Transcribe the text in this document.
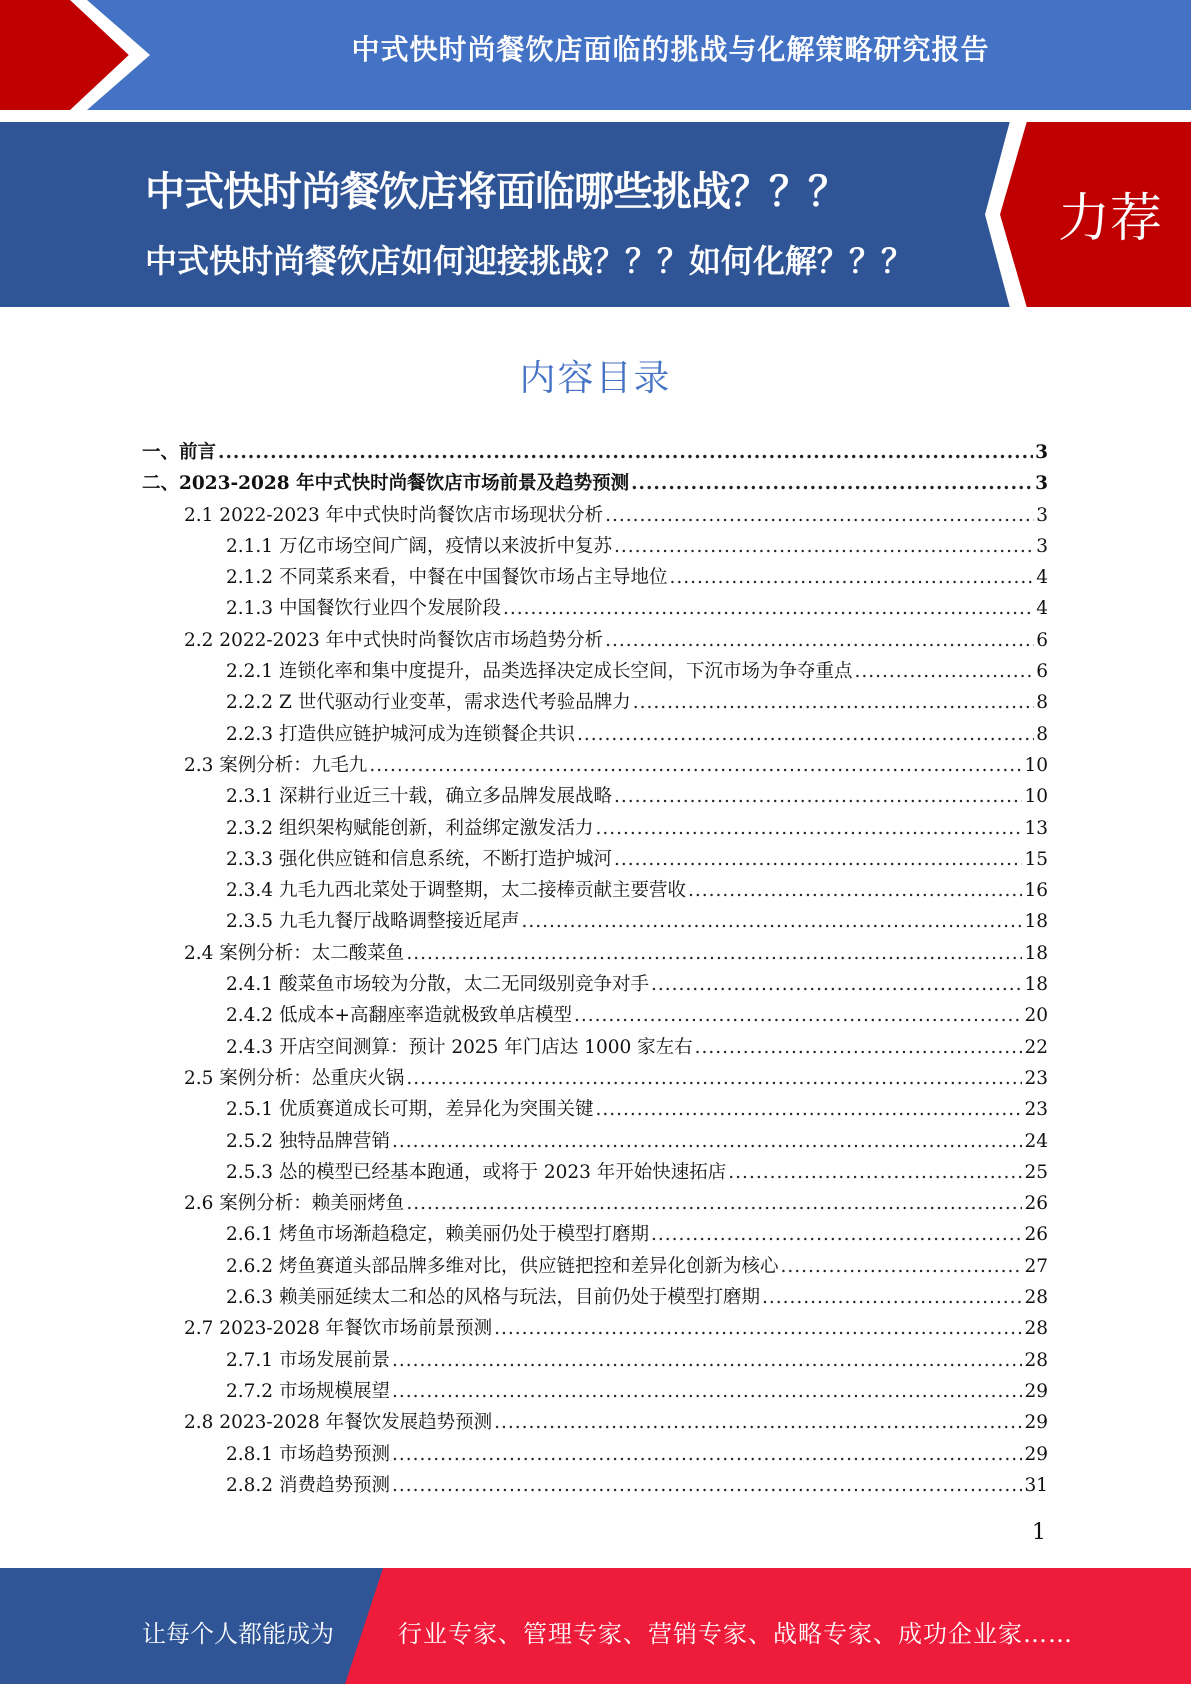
中式快时尚餐饮店面临的挑战与化解策略研究报告
中式快时尚餐饮店将面临哪些挑战？？？
中式快时尚餐饮店如何迎接挑战？？？如何化解？？？
力荐
内容目录
一、前言 .....	3
二、2023-2028 年中式快时尚餐饮店市场前景及趋势预测 .....	3
2.1 2022-2023 年中式快时尚餐饮店市场现状分析 .....	3
2.1.1 万亿市场空间广阔，疫情以来波折中复苏 .....	3
2.1.2 不同菜系来看，中餐在中国餐饮市场占主导地位 .....	4
2.1.3 中国餐饮行业四个发展阶段 .....	4
2.2 2022-2023 年中式快时尚餐饮店市场趋势分析 .....	6
2.2.1 连锁化率和集中度提升，品类选择决定成长空间，下沉市场为争夺重点 .....	6
2.2.2 Z 世代驱动行业变革，需求迭代考验品牌力 .....	8
2.2.3 打造供应链护城河成为连锁餐企共识 .....	8
2.3 案例分析：九毛九 .....	10
2.3.1 深耕行业近三十载，确立多品牌发展战略 .....	10
2.3.2 组织架构赋能创新，利益绑定激发活力 .....	13
2.3.3 强化供应链和信息系统，不断打造护城河 .....	15
2.3.4 九毛九西北菜处于调整期，太二接棒贡献主要营收 .....	16
2.3.5 九毛九餐厅战略调整接近尾声 .....	18
2.4 案例分析：太二酸菜鱼 .....	18
2.4.1 酸菜鱼市场较为分散，太二无同级别竞争对手 .....	18
2.4.2 低成本+高翻座率造就极致单店模型 .....	20
2.4.3 开店空间测算：预计 2025 年门店达 1000 家左右 .....	22
2.5 案例分析：怂重庆火锅 .....	23
2.5.1 优质赛道成长可期，差异化为突围关键 .....	23
2.5.2 独特品牌营销 .....	24
2.5.3 怂的模型已经基本跑通，或将于 2023 年开始快速拓店 .....	25
2.6 案例分析：赖美丽烤鱼 .....	26
2.6.1 烤鱼市场渐趋稳定，赖美丽仍处于模型打磨期 .....	26
2.6.2 烤鱼赛道头部品牌多维对比，供应链把控和差异化创新为核心 .....	27
2.6.3 赖美丽延续太二和怂的风格与玩法，目前仍处于模型打磨期 .....	28
2.7 2023-2028 年餐饮市场前景预测 .....	28
2.7.1 市场发展前景 .....	28
2.7.2 市场规模展望 .....	29
2.8 2023-2028 年餐饮发展趋势预测 .....	29
2.8.1 市场趋势预测 .....	29
2.8.2 消费趋势预测 .....	31
1
让每个人都能成为	行业专家、管理专家、营销专家、战略专家、成功企业家……
